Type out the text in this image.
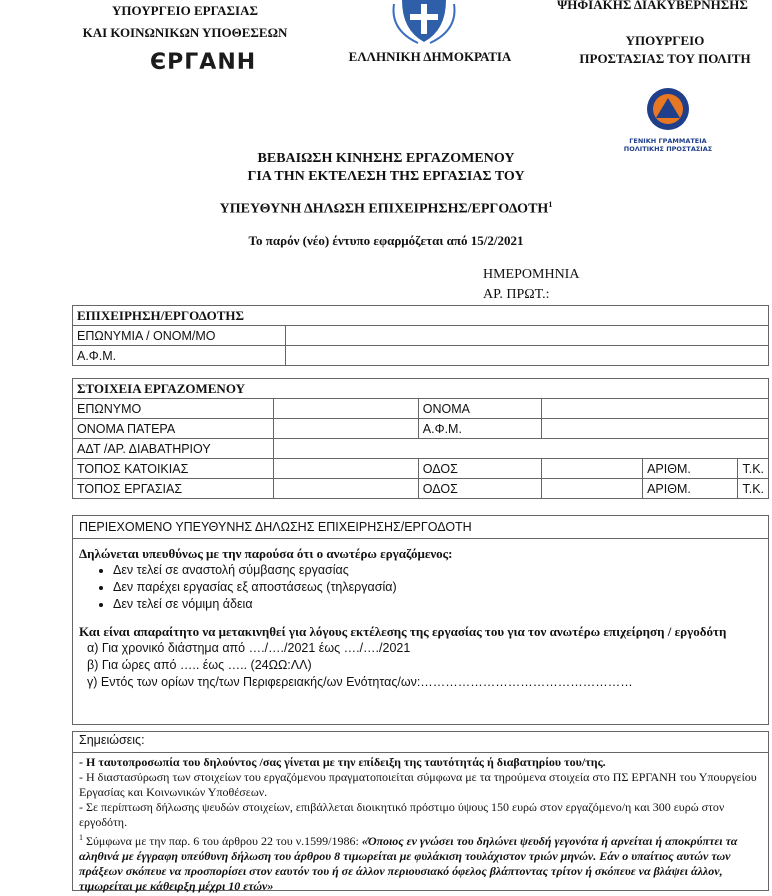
ΥΠΟΥΡΓΕΙΟ ΕΡΓΑΣΙΑΣ
ΚΑΙ ΚΟΙΝΩΝΙΚΩΝ ΥΠΟΘΕΣΕΩΝ
ЄΡΓΑΝΗ	ΕΛΛΗΝΙΚΗ ΔΗΜΟΚΡΑΤΙΑ
ΨΗΦΙΑΚΗΣ ΔΙΑΚΥΒΕΡΝΗΣΗΣ
ΥΠΟΥΡΓΕΙΟ
ΠΡΟΣΤΑΣΙΑΣ ΤΟΥ ΠΟΛΙΤΗ
ΓΕΝΙΚΗ ΓΡΑΜΜΑΤΕΙΑ
ΠΟΛΙΤΙΚΗΣ ΠΡΟΣΤΑΣΙΑΣ
ΒΕΒΑΙΩΣΗ ΚΙΝΗΣΗΣ ΕΡΓΑΖΟΜΕΝΟΥ
ΓΙΑ ΤΗΝ ΕΚΤΕΛΕΣΗ ΤΗΣ ΕΡΓΑΣΙΑΣ ΤΟΥ
ΥΠΕΥΘΥΝΗ ΔΗΛΩΣΗ ΕΠΙΧΕΙΡΗΣΗΣ/ΕΡΓΟΔΟΤΗ$^1$
Το παρόν (νέο) έντυπο εφαρμόζεται από 15/2/2021
ΗΜΕΡΟΜΗΝΙΑ
ΑΡ. ΠΡΩΤ.:
ΕΠΙΧΕΙΡΗΣΗ/ΕΡΓΟΔΟΤΗΣ	
ΕΠΩΝΥΜΙΑ / ΟΝΟΜ/ΜΟ	
Α.Φ.Μ.	
ΣΤΟΙΧΕΙΑ ΕΡΓΑΖΟΜΕΝΟΥ					
ΕΠΩΝΥΜΟ		ΟΝΟΜΑ			
ΟΝΟΜΑ ΠΑΤΕΡΑ		Α.Φ.Μ.			
ΑΔΤ /ΑΡ. ΔΙΑΒΑΤΗΡΙΟΥ					
ΤΟΠΟΣ ΚΑΤΟΙΚΙΑΣ		ΟΔΟΣ		ΑΡΙΘΜ.	Τ.Κ.
ΤΟΠΟΣ ΕΡΓΑΣΙΑΣ		ΟΔΟΣ		ΑΡΙΘΜ.	Τ.Κ.
ΠΕΡΙΕΧΟΜΕΝΟ ΥΠΕΥΘΥΝΗΣ ΔΗΛΩΣΗΣ ΕΠΙΧΕΙΡΗΣΗΣ/ΕΡΓΟΔΟΤΗ
Δηλώνεται υπευθύνως με την παρούσα ότι ο ανωτέρω εργαζόμενος:
• Δεν τελεί σε αναστολή σύμβασης εργασίας
• Δεν παρέχει εργασίας εξ αποστάσεως (τηλεργασία)
• Δεν τελεί σε νόμιμη άδεια
Και είναι απαραίτητο να μετακινηθεί για λόγους εκτέλεσης της εργασίας του για τον ανωτέρω επιχείρηση / εργοδότη
α) Για χρονικό διάστημα από …./…./2021 έως …./…./2021
β) Για ώρες από ….. έως ….. (24ΩΩ:ΛΛ)
γ) Εντός των ορίων της/των Περιφερειακής/ων Ενότητας/ων:……………………………………………
Σημειώσεις:
- Η ταυτοπροσωπία του δηλούντος /σας γίνεται με την επίδειξη της ταυτότητάς ή διαβατηρίου του/της.
- Η διαστασύρωση των στοιχείων του εργαζόμενου πραγματοποιείται σύμφωνα με τα τηρούμενα στοιχεία στο ΠΣ ΕΡΓΑΝΗ του Υπουργείου Εργασίας και Κοινωνικών Υποθέσεων.
- Σε περίπτωση δήλωσης ψευδών στοιχείων, επιβάλλεται διοικητικό πρόστιμο ύψους 150 ευρώ στον εργαζόμενο/η και 300 ευρώ στον εργοδότη.
$^1$ Σύμφωνα με την παρ. 6 του άρθρου 22 του ν.1599/1986: «Όποιος εν γνώσει του δηλώνει ψευδή γεγονότα ή αρνείται ή αποκρύπτει τα αληθινά με έγγραφη υπεύθυνη δήλωση του άρθρου 8 τιμωρείται με φυλάκιση τουλάχιστον τριών μηνών. Εάν ο υπαίτιος αυτών των πράξεων σκόπευε να προσπορίσει στον εαυτόν του ή σε άλλον περιουσιακό όφελος βλάπτοντας τρίτον ή σκόπευε να βλάψει άλλον, τιμωρείται με κάθειρξη μέχρι 10 ετών»
